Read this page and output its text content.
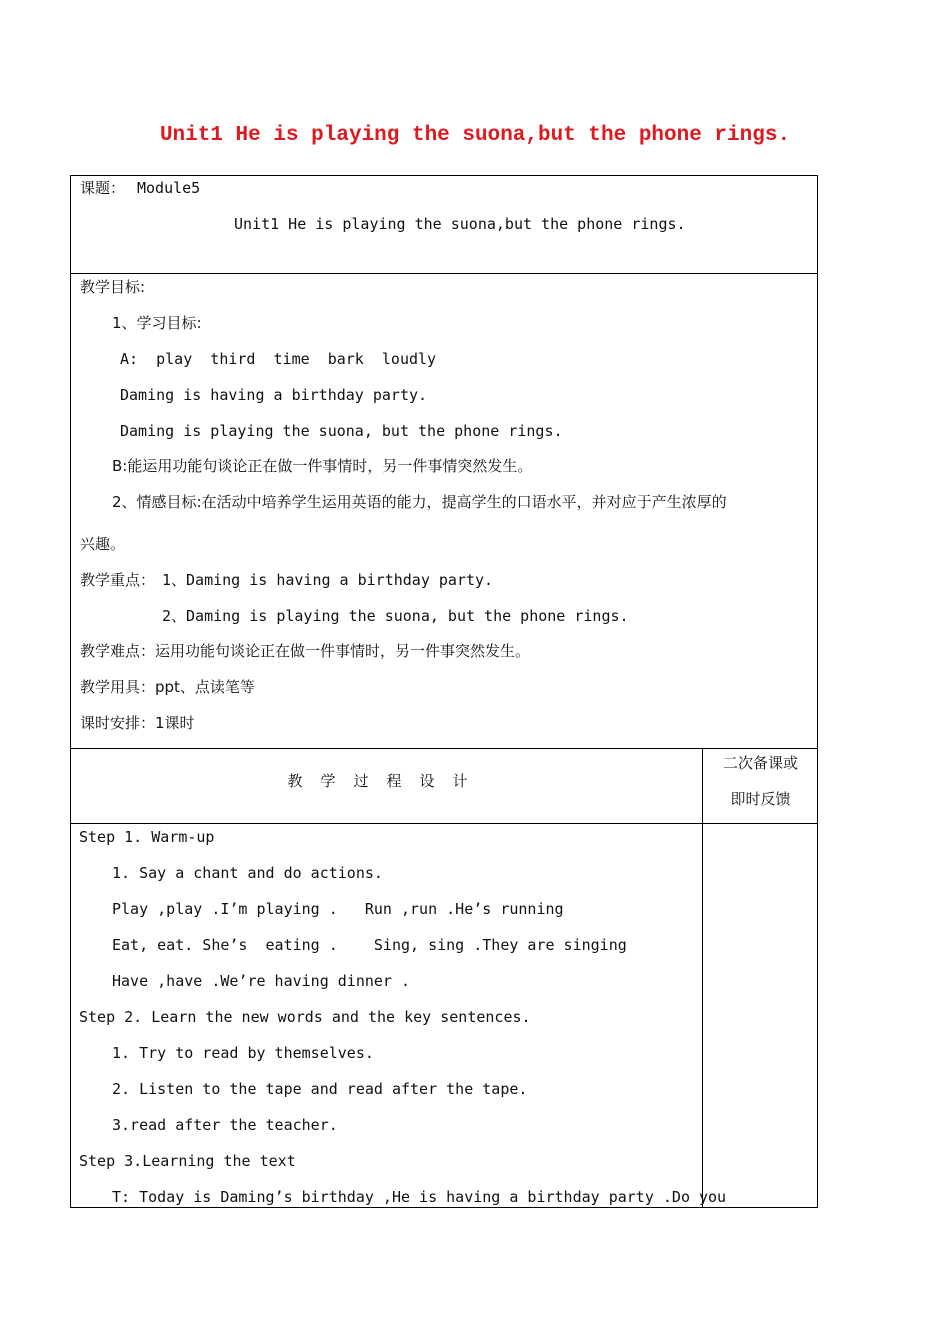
Unit1 He is playing the suona,but the phone rings.
课题： Module5
Unit1 He is playing the suona,but the phone rings.
教学目标:
1、学习目标:
A:  play  third  time  bark  loudly
Daming is having a birthday party.
Daming is playing the suona, but the phone rings.
B:能运用功能句谈论正在做一件事情时，另一件事情突然发生。
2、情感目标:在活动中培养学生运用英语的能力，提高学生的口语水平，并对应于产生浓厚的
兴趣。
教学重点： 1、Daming is having a birthday party.
2、Daming is playing the suona, but the phone rings.
教学难点：运用功能句谈论正在做一件事情时，另一件事突然发生。
教学用具：ppt、点读笔等
课时安排：1课时
教学过程设计
二次备课或
即时反馈
Step 1. Warm-up
1. Say a chant and do actions.
Play ,play .I’m playing .   Run ,run .He’s running
Eat, eat. She’s  eating .    Sing, sing .They are singing
Have ,have .We’re having dinner .
Step 2. Learn the new words and the key sentences.
1. Try to read by themselves.
2. Listen to the tape and read after the tape.
3.read after the teacher.
Step 3.Learning the text
T: Today is Daming’s birthday ,He is having a birthday party .Do you
